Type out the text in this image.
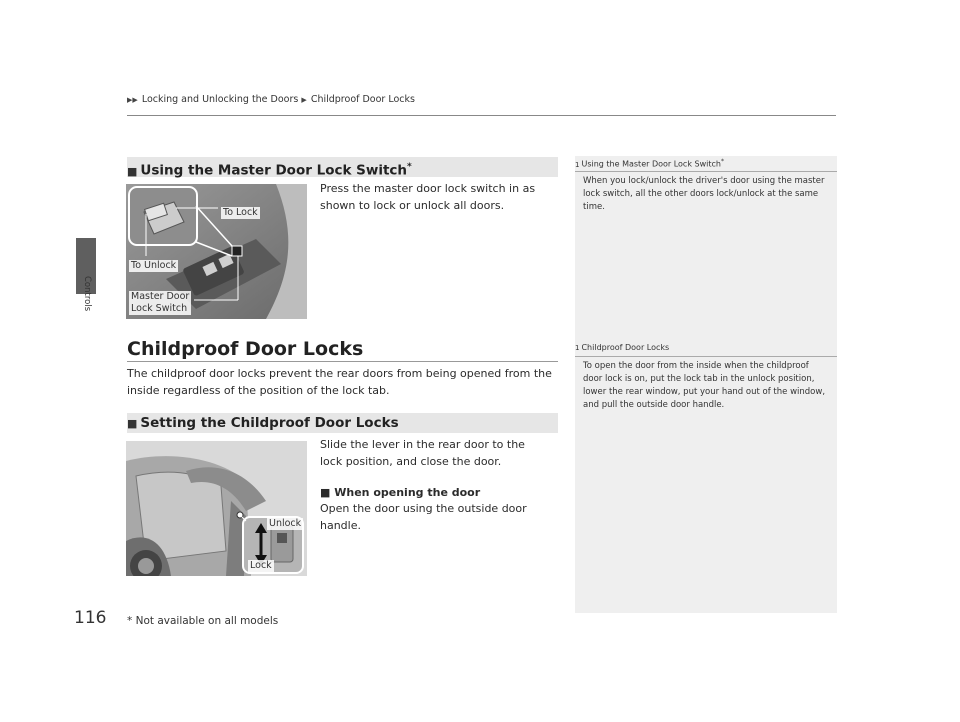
▶▶ Locking and Unlocking the Doors ▶ Childproof Door Locks
Controls
■ Using the Master Door Lock Switch*
To Lock
To Unlock
Master Door
Lock Switch
Press the master door lock switch in as shown to lock or unlock all doors.
Childproof Door Locks
The childproof door locks prevent the rear doors from being opened from the inside regardless of the position of the lock tab.
■ Setting the Childproof Door Locks
Unlock
Lock
Slide the lever in the rear door to the lock position, and close the door.
■ When opening the door
Open the door using the outside door handle.
1 Using the Master Door Lock Switch*
When you lock/unlock the driver's door using the master lock switch, all the other doors lock/unlock at the same time.
1 Childproof Door Locks
To open the door from the inside when the childproof door lock is on, put the lock tab in the unlock position, lower the rear window, put your hand out of the window, and pull the outside door handle.
116 * Not available on all models
